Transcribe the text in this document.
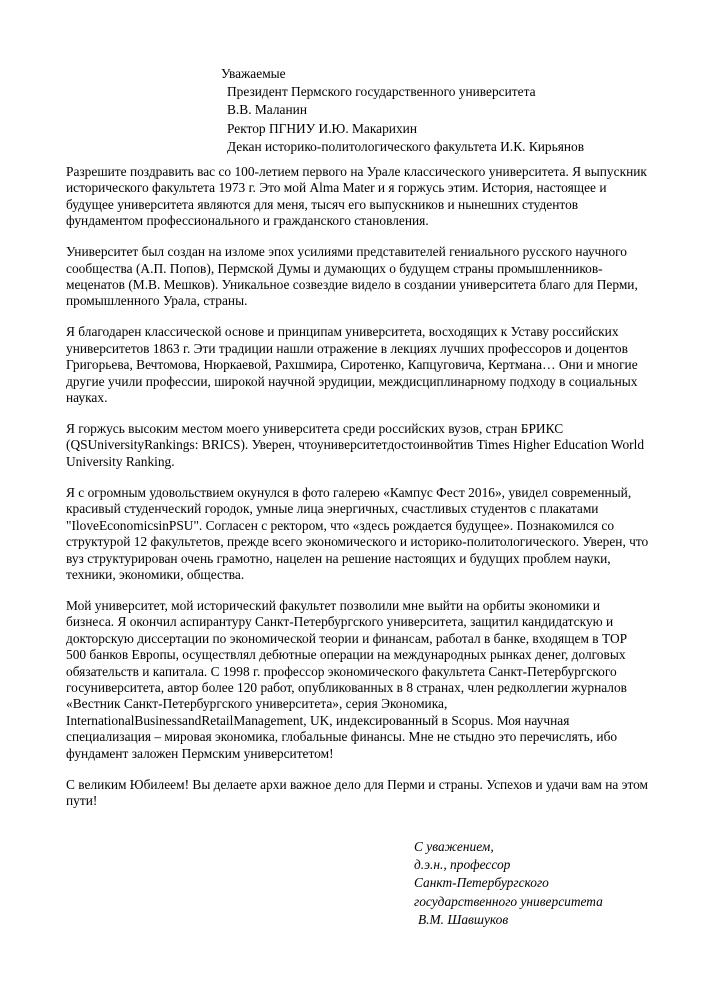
Уважаемые
Президент Пермского государственного университета
В.В. Маланин
Ректор ПГНИУ И.Ю. Макарихин
Декан историко-политологического факультета И.К. Кирьянов

Разрешите поздравить вас со 100-летием первого на Урале классического университета. Я выпускник исторического факультета 1973 г. Это мой Alma Mater и я горжусь этим. История, настоящее и будущее университета являются для меня, тысяч его выпускников и нынешних студентов фундаментом профессионального и гражданского становления.

Университет был создан на изломе эпох усилиями представителей гениального русского научного сообщества (А.П. Попов), Пермской Думы и думающих о будущем страны промышленников-меценатов (М.В. Мешков). Уникальное созвездие видело в создании университета благо для Перми, промышленного Урала, страны.

Я благодарен классической основе и принципам университета, восходящих к Уставу российских университетов 1863 г. Эти традиции нашли отражение в лекциях лучших профессоров и доцентов Григорьева, Вечтомова, Нюркаевой, Рахшмира, Сиротенко, Капцуговича, Кертмана… Они и многие другие учили профессии, широкой научной эрудиции, междисциплинарному подходу в социальных науках.

Я горжусь высоким местом моего университета среди российских вузов, стран БРИКС (QSUniversityRankings: BRICS). Уверен, чтоуниверситетдостоинвойтив Times Higher Education World University Ranking.

Я с огромным удовольствием окунулся в фото галерею «Кампус Фест 2016», увидел современный, красивый студенческий городок, умные лица энергичных, счастливых студентов с плакатами "IloveEconomicsinPSU". Согласен с ректором, что «здесь рождается будущее». Познакомился со структурой 12 факультетов, прежде всего экономического и историко-политологического. Уверен, что вуз структурирован очень грамотно, нацелен на решение настоящих и будущих проблем науки, техники, экономики, общества.

Мой университет, мой исторический факультет позволили мне выйти на орбиты экономики и бизнеса. Я окончил аспирантуру Санкт-Петербургского университета, защитил кандидатскую и докторскую диссертации по экономической теории и финансам, работал в банке, входящем в ТОР 500 банков Европы, осуществлял дебютные операции на международных рынках денег, долговых обязательств и капитала. С 1998 г. профессор экономического факультета Санкт-Петербургского госуниверситета, автор более 120 работ, опубликованных в 8 странах, член редколлегии журналов «Вестник Санкт-Петербургского университета», серия Экономика, InternationalBusinessandRetailManagement, UK, индексированный в Scopus. Моя научная специализация – мировая экономика, глобальные финансы. Мне не стыдно это перечислять, ибо фундамент заложен Пермским университетом!

С великим Юбилеем! Вы делаете архи важное дело для Перми и страны. Успехов и удачи вам на этом пути!

С уважением,
д.э.н., профессор
Санкт-Петербургского
государственного университета
В.М. Шавшуков
